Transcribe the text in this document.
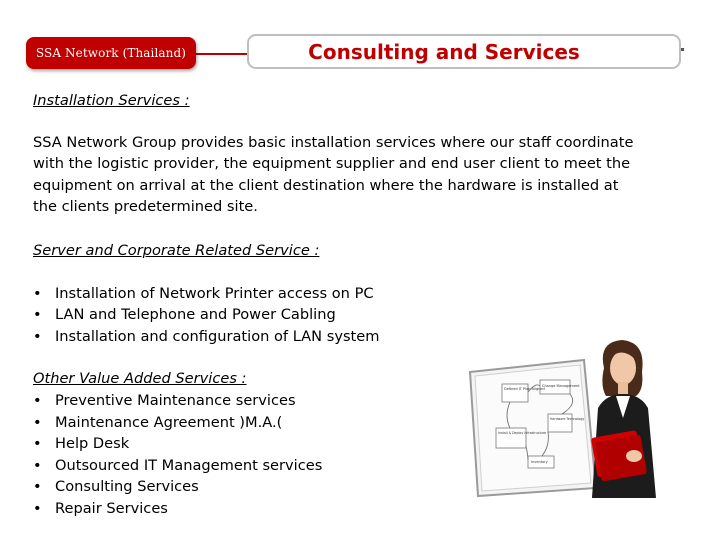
SSA Network (Thailand)	Consulting and Services

Installation Services :

SSA Network Group provides basic installation services where our staff coordinate with the logistic provider, the equipment supplier and end user client to meet the equipment on arrival at the client destination where the hardware is installed at the clients predetermined site.

Server and Corporate Related Service :

• Installation of Network Printer access on PC
• LAN and Telephone and Power Cabling
• Installation and configuration of LAN system

Other Value Added Services :

• Preventive Maintenance services
• Maintenance Agreement )M.A.(
• Help Desk
• Outsourced IT Management services
• Consulting Services
• Repair Services
Defined IT Plan Aligned
Change Management
Install & Deploy Infrastructure
Hardware Technology
Inventory
